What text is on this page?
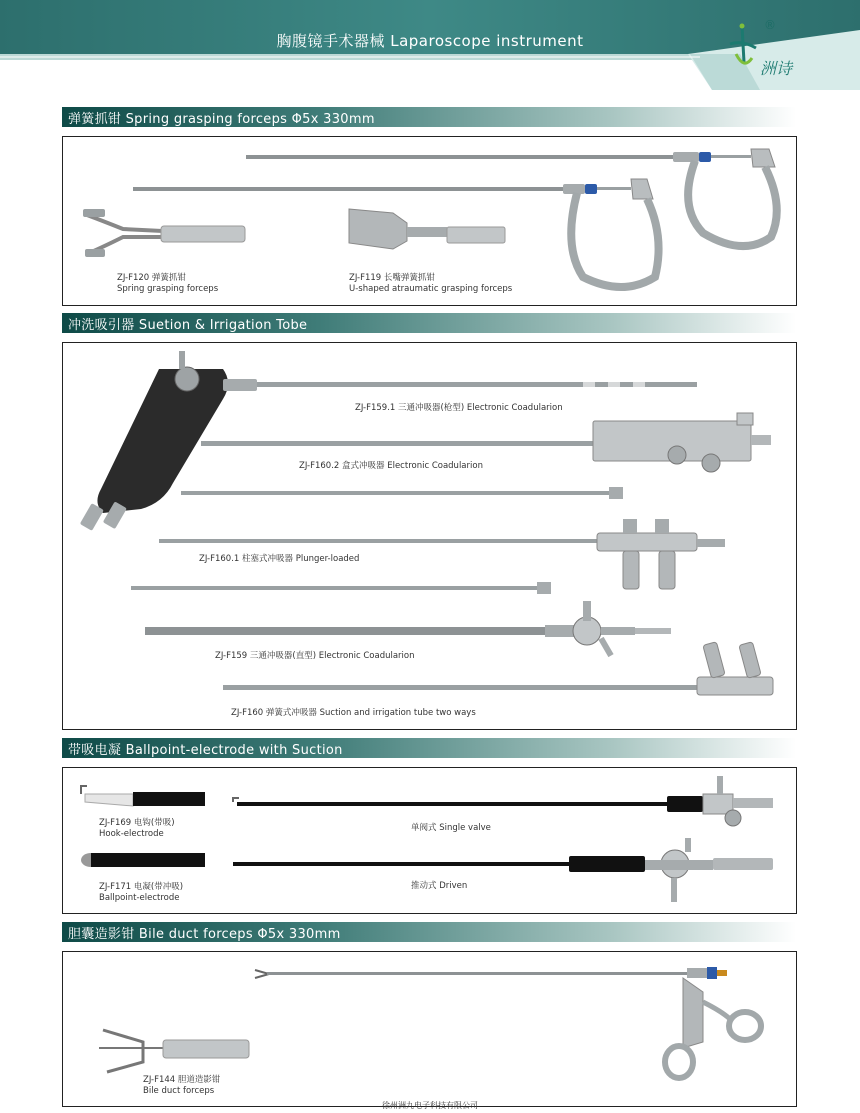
胸腹镜手术器械 Laparoscope instrument
®
洲诗
弹簧抓钳 Spring grasping forceps Φ5x 330mm
ZJ-F120 弹簧抓钳
Spring grasping forceps
ZJ-F119 长嘴弹簧抓钳
U-shaped atraumatic grasping forceps
冲洗吸引器 Suetion & Irrigation Tobe
ZJ-F159.1 三通冲吸器(枪型) Electronic Coadularion
ZJ-F160.2 盒式冲吸器 Electronic Coadularion
ZJ-F160.1 柱塞式冲吸器 Plunger-loaded
ZJ-F159 三通冲吸器(直型) Electronic Coadularion
ZJ-F160 弹簧式冲吸器 Suction and irrigation tube two ways
带吸电凝 Ballpoint-electrode with Suction
ZJ-F169 电钩(带吸)
Hook-electrode
ZJ-F171 电凝(带冲吸)
Ballpoint-electrode
单阀式 Single valve
推动式 Driven
胆囊造影钳 Bile duct forceps Φ5x 330mm
ZJ-F144 胆道造影钳
Bile duct forceps
徐州洲九电子科技有限公司
